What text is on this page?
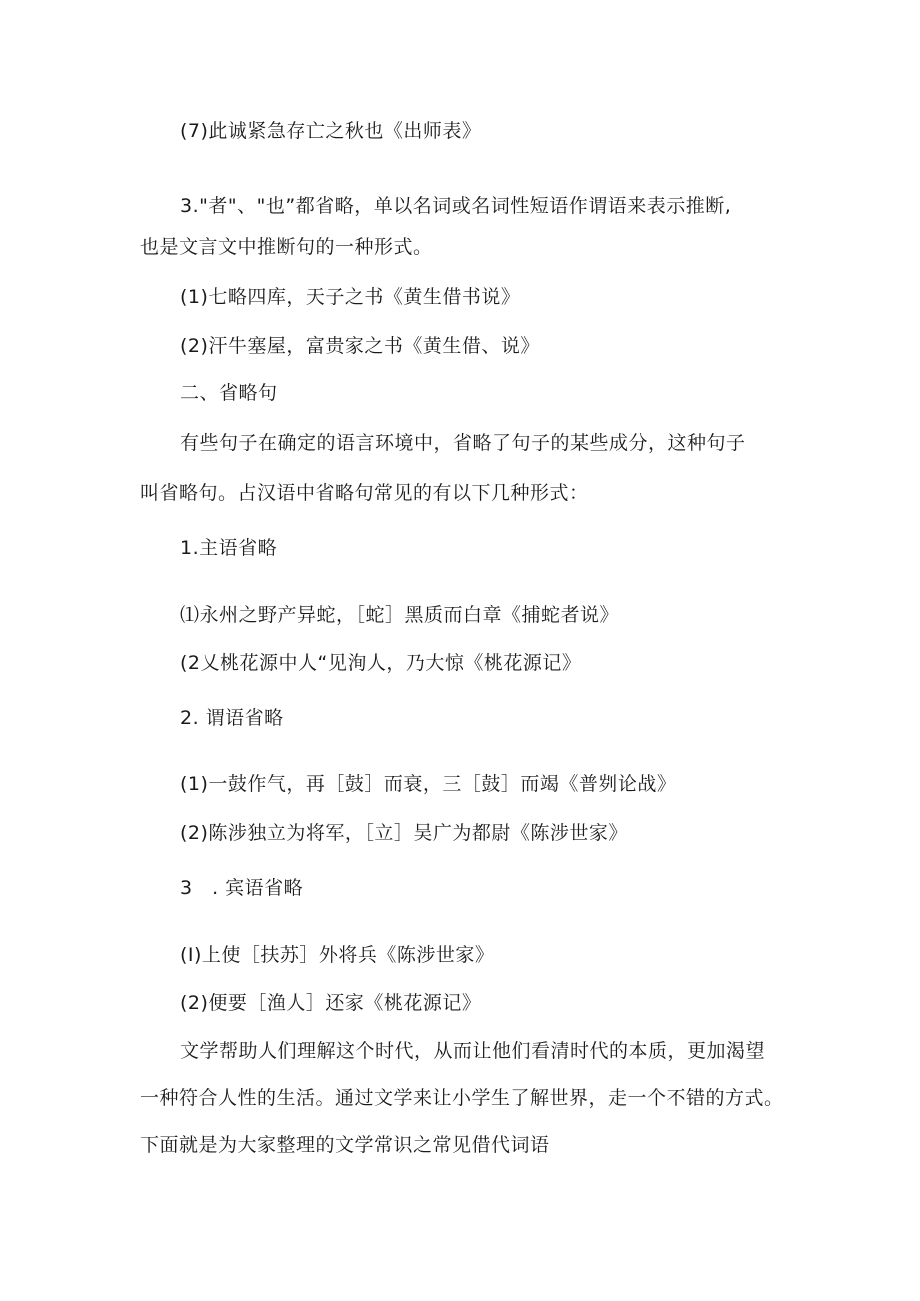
(7)此诚紧急存亡之秋也《出师表》
3."者"、"也”都省略，单以名词或名词性短语作谓语来表示推断,
也是文言文中推断句的一种形式。
(1)七略四库，天子之书《黄生借书说》
(2)汗牛塞屋，富贵家之书《黄生借、说》
二、省略句
有些句子在确定的语言环境中，省略了句子的某些成分，这种句子
叫省略句。占汉语中省略句常见的有以下几种形式：
1.主语省略
⑴永州之野产异蛇，［蛇］黑质而白章《捕蛇者说》
(2乂桃花源中人“见洵人，乃大惊《桃花源记》
2. 谓语省略
(1)一鼓作气，再［鼓］而衰，三［鼓］而竭《普刿论战》
(2)陈涉独立为将军，［立］吴广为都尉《陈涉世家》
3　. 宾语省略
(I)上使［扶苏］外将兵《陈涉世家》
(2)便要［渔人］还家《桃花源记》
文学帮助人们理解这个时代，从而让他们看清时代的本质，更加渴望
一种符合人性的生活。通过文学来让小学生了解世界，走一个不错的方式。
下面就是为大家整理的文学常识之常见借代词语
